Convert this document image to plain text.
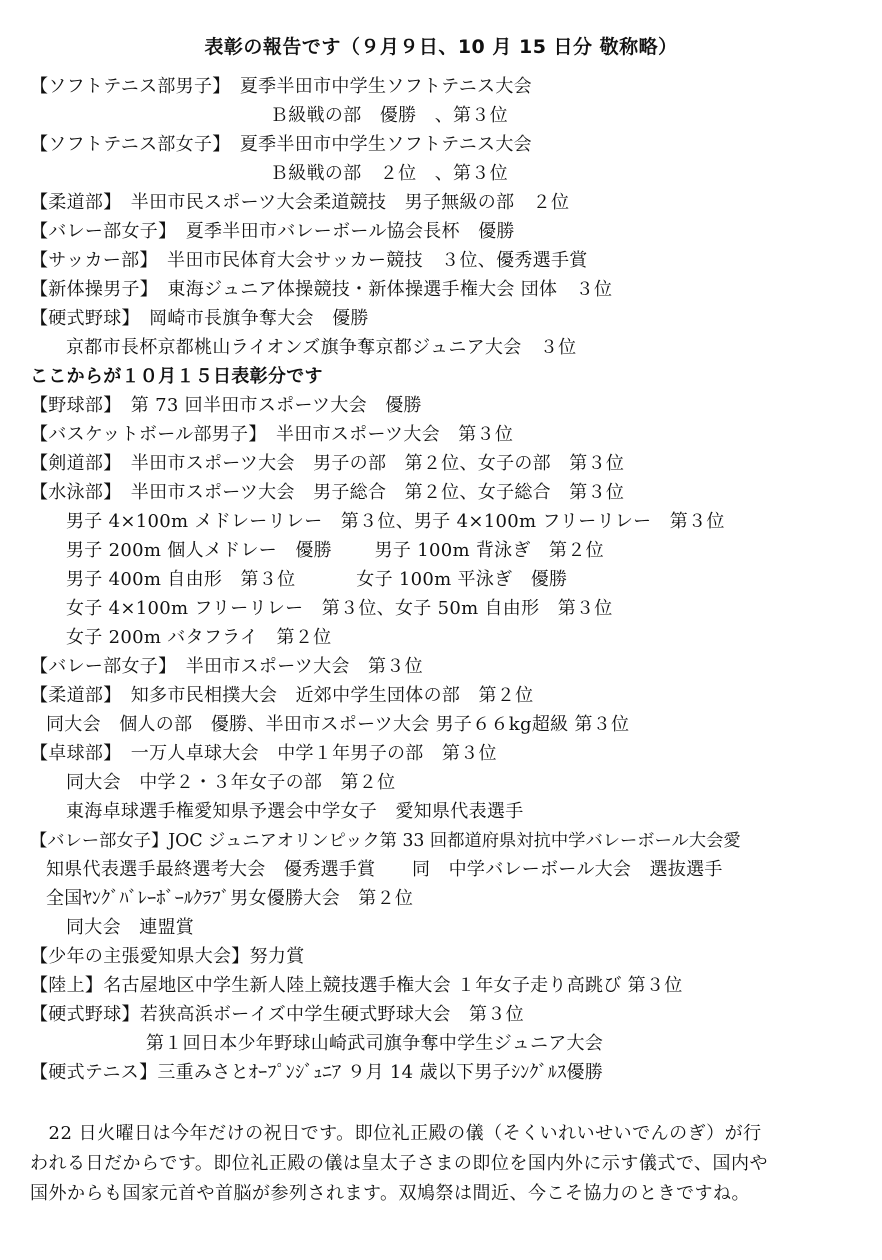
表彰の報告です（９月９日、10 月 15 日分 敬称略）
【ソフトテニス部男子】　夏季半田市中学生ソフトテニス大会
Ｂ級戦の部　優勝　、第３位
【ソフトテニス部女子】　夏季半田市中学生ソフトテニス大会
Ｂ級戦の部　２位　、第３位
【柔道部】　半田市民スポーツ大会柔道競技　男子無級の部　２位
【バレー部女子】　夏季半田市バレーボール協会長杯　優勝
【サッカー部】　半田市民体育大会サッカー競技　３位、優秀選手賞
【新体操男子】　東海ジュニア体操競技・新体操選手権大会 団体　３位
【硬式野球】　岡崎市長旗争奪大会　優勝
京都市長杯京都桃山ライオンズ旗争奪京都ジュニア大会　３位
ここからが１０月１５日表彰分です
【野球部】　第 73 回半田市スポーツ大会　優勝
【バスケットボール部男子】　半田市スポーツ大会　第３位
【剣道部】　半田市スポーツ大会　男子の部　第２位、女子の部　第３位
【水泳部】　半田市スポーツ大会　男子総合　第２位、女子総合　第３位
男子 4×100m メドレーリレー　第３位、男子 4×100m フリーリレー　第３位
男子 200m 個人メドレー　優勝　　 男子 100m 背泳ぎ　第２位
男子 400m 自由形　第３位　　　 女子 100m 平泳ぎ　優勝
女子 4×100m フリーリレー　第３位、女子 50m 自由形　第３位
女子 200m バタフライ　第２位
【バレー部女子】　半田市スポーツ大会　第３位
【柔道部】　知多市民相撲大会　近郊中学生団体の部　第２位
同大会　個人の部　優勝、半田市スポーツ大会 男子６６kg超級 第３位
【卓球部】　一万人卓球大会　中学１年男子の部　第３位
同大会　中学２・３年女子の部　第２位
東海卓球選手権愛知県予選会中学女子　愛知県代表選手
【バレー部女子】JOC ジュニアオリンピック第 33 回都道府県対抗中学バレーボール大会愛
知県代表選手最終選考大会　優秀選手賞　　同　中学バレーボール大会　選抜選手
全国ﾔﾝｸﾞﾊﾞﾚｰﾎﾞｰﾙｸﾗﾌﾞ男女優勝大会　第２位
同大会　連盟賞
【少年の主張愛知県大会】努力賞
【陸上】名古屋地区中学生新人陸上競技選手権大会 １年女子走り高跳び 第３位
【硬式野球】若狭高浜ボーイズ中学生硬式野球大会　第３位
第１回日本少年野球山崎武司旗争奪中学生ジュニア大会
【硬式テニス】三重みさとｵｰﾌﾟﾝｼﾞｭﾆｱ ９月 14 歳以下男子ｼﾝｸﾞﾙｽ優勝
　22 日火曜日は今年だけの祝日です。即位礼正殿の儀（そくいれいせいでんのぎ）が行
われる日だからです。即位礼正殿の儀は皇太子さまの即位を国内外に示す儀式で、国内や
国外からも国家元首や首脳が参列されます。双鳩祭は間近、今こそ協力のときですね。
